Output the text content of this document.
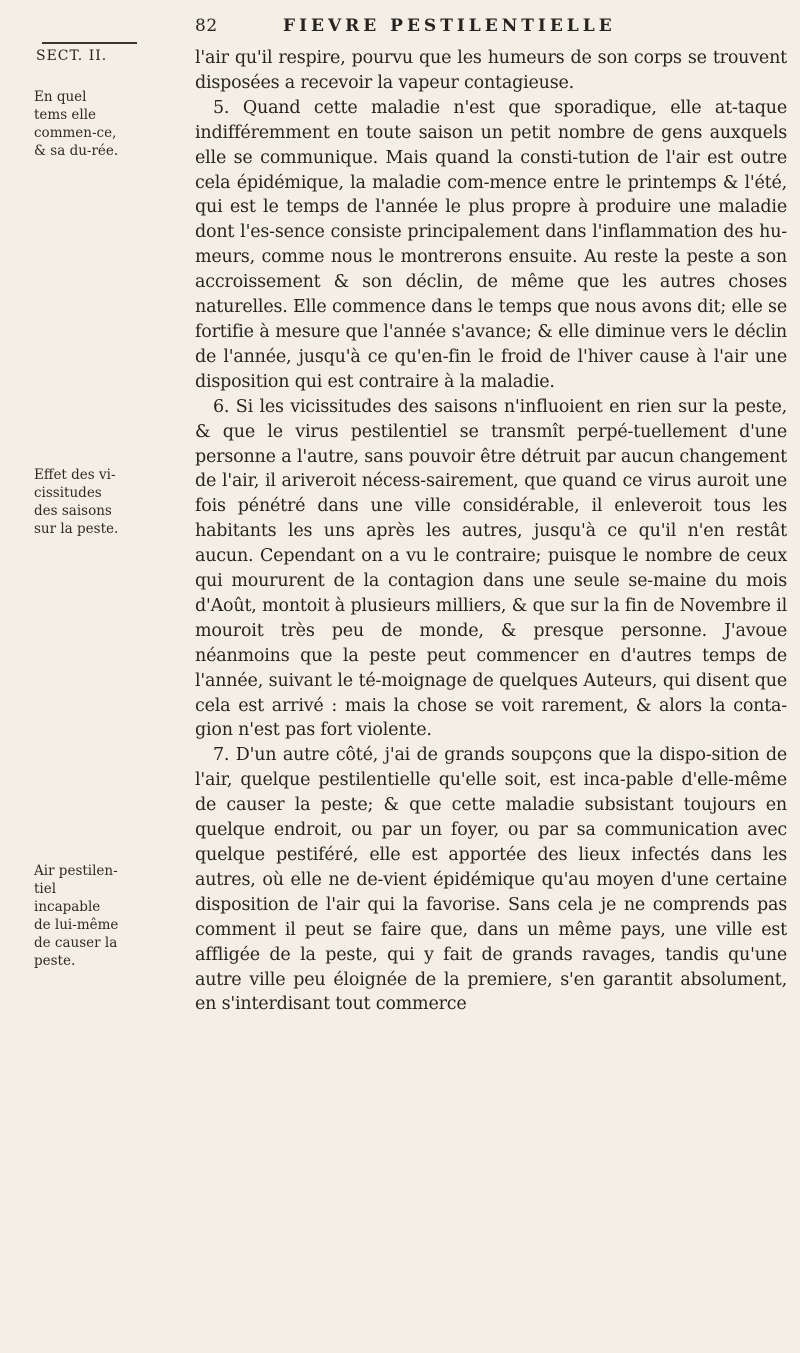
82	FIEVRE PESTILENTIELLE
SECT. II.
En quel tems elle commen-ce, & sa du-rée.
Effet des vi-cissitudes des saisons sur la peste.
Air pestilen-tiel incapable de lui-même de causer la peste.

l'air qu'il respire, pourvu que les humeurs de son corps se trouvent disposées a recevoir la vapeur contagieuse.

5. Quand cette maladie n'est que sporadique, elle at-taque indifféremment en toute saison un petit nombre de gens auxquels elle se communique. Mais quand la consti-tution de l'air est outre cela épidémique, la maladie com-mence entre le printemps & l'été, qui est le temps de l'année le plus propre à produire une maladie dont l'es-sence consiste principalement dans l'inflammation des hu-meurs, comme nous le montrerons ensuite. Au reste la peste a son accroissement & son déclin, de même que les autres choses naturelles. Elle commence dans le temps que nous avons dit; elle se fortifie à mesure que l'année s'avance; & elle diminue vers le déclin de l'année, jusqu'à ce qu'en-fin le froid de l'hiver cause à l'air une disposition qui est contraire à la maladie.

6. Si les vicissitudes des saisons n'influoient en rien sur la peste, & que le virus pestilentiel se transmît perpé-tuellement d'une personne a l'autre, sans pouvoir être détruit par aucun changement de l'air, il ariveroit nécess-sairement, que quand ce virus auroit une fois pénétré dans une ville considérable, il enleveroit tous les habitants les uns après les autres, jusqu'à ce qu'il n'en restât aucun. Cependant on a vu le contraire; puisque le nombre de ceux qui moururent de la contagion dans une seule se-maine du mois d'Août, montoit à plusieurs milliers, & que sur la fin de Novembre il mouroit très peu de monde, & presque personne. J'avoue néanmoins que la peste peut commencer en d'autres temps de l'année, suivant le té-moignage de quelques Auteurs, qui disent que cela est arrivé : mais la chose se voit rarement, & alors la conta-gion n'est pas fort violente.

7. D'un autre côté, j'ai de grands soupçons que la dispo-sition de l'air, quelque pestilentielle qu'elle soit, est inca-pable d'elle-même de causer la peste; & que cette maladie subsistant toujours en quelque endroit, ou par un foyer, ou par sa communication avec quelque pestiféré, elle est apportée des lieux infectés dans les autres, où elle ne de-vient épidémique qu'au moyen d'une certaine disposition de l'air qui la favorise. Sans cela je ne comprends pas comment il peut se faire que, dans un même pays, une ville est affligée de la peste, qui y fait de grands ravages, tandis qu'une autre ville peu éloignée de la premiere, s'en garantit absolument, en s'interdisant tout commerce
